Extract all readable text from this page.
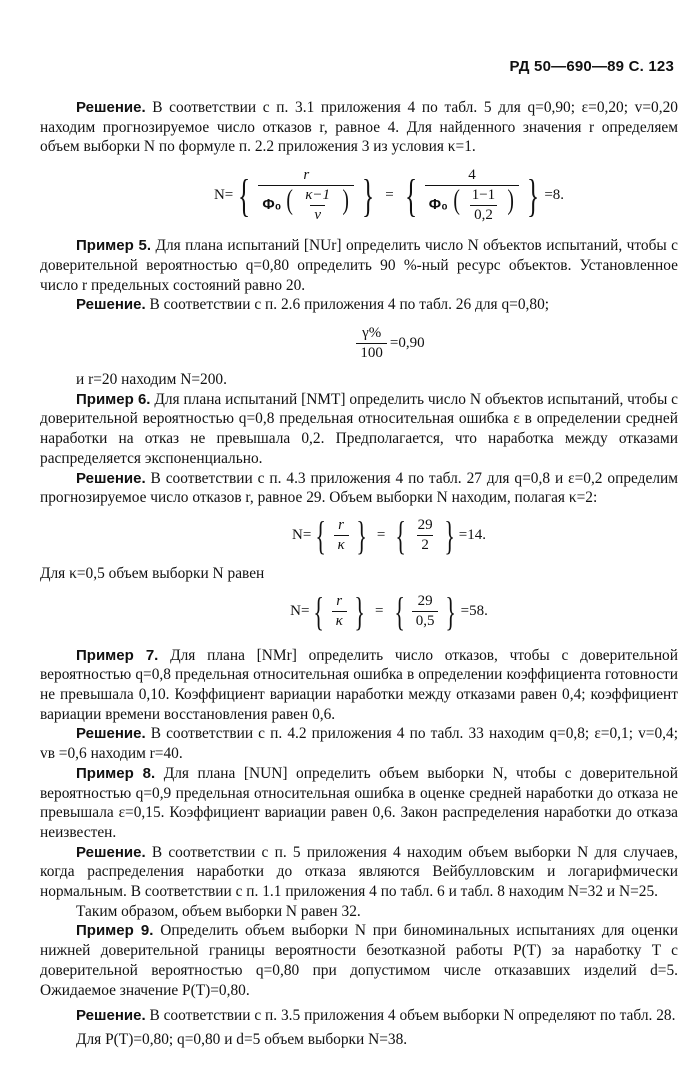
РД 50—690—89 С. 123

Решение. В соответствии с п. 3.1 приложения 4 по табл. 5 для q=0,90; ε=0,20; v=0,20 находим прогнозируемое число отказов r, равное 4. Для найденного значения r определяем объем выборки N по формуле п. 2.2 приложения 3 из условия κ=1.

N= {	r
Φ₀ ( $\frac{\kappa-1}{v}$ ) } = {	4
Φ₀ ( $\frac{1-1}{0,2}$ ) } =8.

Пример 5. Для плана испытаний [NUr] определить число N объектов испытаний, чтобы с доверительной вероятностью q=0,80 определить 90 %-ный ресурс объектов. Установленное число r предельных состояний равно 20.

Решение. В соответствии с п. 2.6 приложения 4 по табл. 26 для q=0,80;

$\frac{\gamma\%}{100} =0,90$

и r=20 находим N=200.

Пример 6. Для плана испытаний [NMT] определить число N объектов испытаний, чтобы с доверительной вероятностью q=0,8 предельная относительная ошибка ε в определении средней наработки на отказ не превышала 0,2. Предполагается, что наработка между отказами распределяется экспоненциально.

Решение. В соответствии с п. 4.3 приложения 4 по табл. 27 для q=0,8 и ε=0,2 определим прогнозируемое число отказов r, равное 29. Объем выборки N находим, полагая κ=2:

N= { $\frac{r}{\kappa}$ } = { $\frac{29}{2}$ } =14.

Для κ=0,5 объем выборки N равен

N= { $\frac{r}{\kappa}$ } = { $\frac{29}{0,5}$ } =58.

Пример 7. Для плана [NMr] определить число отказов, чтобы с доверительной вероятностью q=0,8 предельная относительная ошибка в определении коэффициента готовности не превышала 0,10. Коэффициент вариации наработки между отказами равен 0,4; коэффициент вариации времени восстановления равен 0,6.

Решение. В соответствии с п. 4.2 приложения 4 по табл. 33 находим q=0,8; ε=0,1; v=0,4; vв =0,6 находим r=40.

Пример 8. Для плана [NUN] определить объем выборки N, чтобы с доверительной вероятностью q=0,9 предельная относительная ошибка в оценке средней наработки до отказа не превышала ε=0,15. Коэффициент вариации равен 0,6. Закон распределения наработки до отказа неизвестен.

Решение. В соответствии с п. 5 приложения 4 находим объем выборки N для случаев, когда распределения наработки до отказа являются Вейбулловским и логарифмически нормальным. В соответствии с п. 1.1 приложения 4 по табл. 6 и табл. 8 находим N=32 и N=25.

Таким образом, объем выборки N равен 32.

Пример 9. Определить объем выборки N при биноминальных испытаниях для оценки нижней доверительной границы вероятности безотказной работы P(T) за наработку T с доверительной вероятностью q=0,80 при допустимом числе отказавших изделий d=5. Ожидаемое значение P(T)=0,80.

Решение. В соответствии с п. 3.5 приложения 4 объем выборки N определяют по табл. 28.

Для P(T)=0,80; q=0,80 и d=5 объем выборки N=38.
